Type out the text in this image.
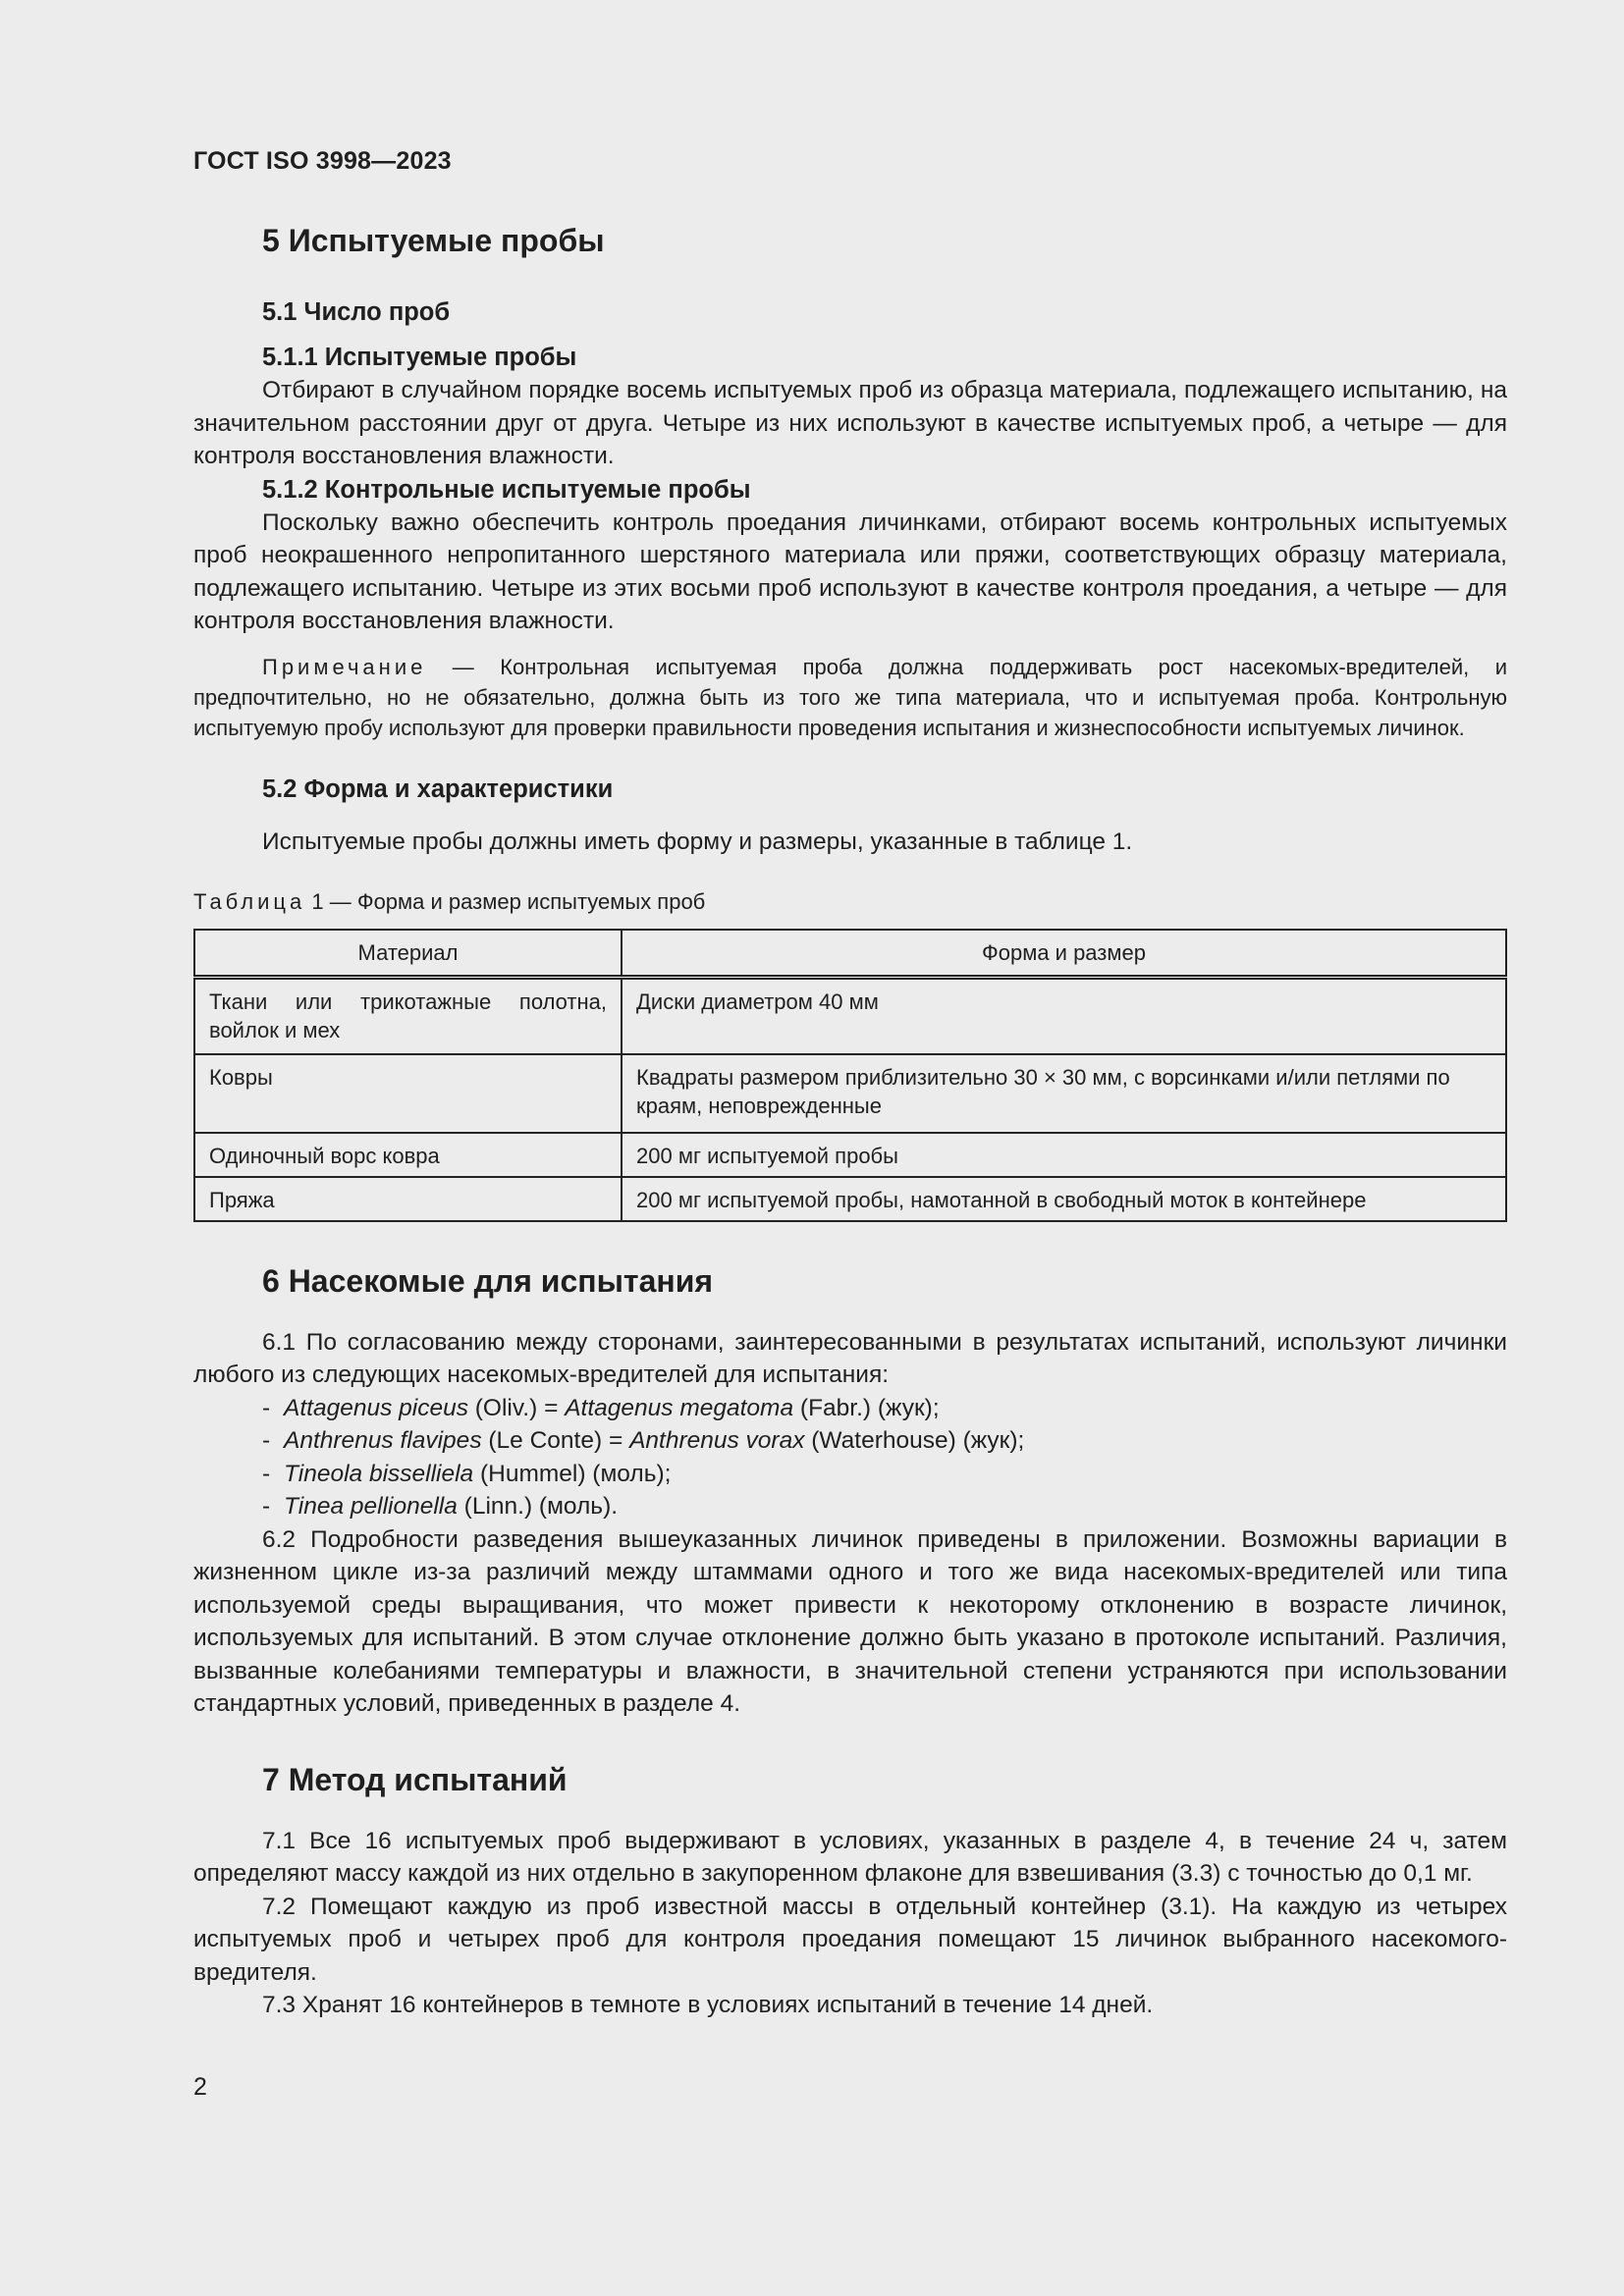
ГОСТ ISO 3998—2023
5 Испытуемые пробы
5.1 Число проб
5.1.1 Испытуемые пробы

Отбирают в случайном порядке восемь испытуемых проб из образца материала, подлежащего испытанию, на значительном расстоянии друг от друга. Четыре из них используют в качестве испытуемых проб, а четыре — для контроля восстановления влажности.

5.1.2 Контрольные испытуемые пробы

Поскольку важно обеспечить контроль проедания личинками, отбирают восемь контрольных испытуемых проб неокрашенного непропитанного шерстяного материала или пряжи, соответствующих образцу материала, подлежащего испытанию. Четыре из этих восьми проб используют в качестве контроля проедания, а четыре — для контроля восстановления влажности.

Примечание — Контрольная испытуемая проба должна поддерживать рост насекомых-вредителей, и предпочтительно, но не обязательно, должна быть из того же типа материала, что и испытуемая проба. Контрольную испытуемую пробу используют для проверки правильности проведения испытания и жизнеспособности испытуемых личинок.
5.2 Форма и характеристики

Испытуемые пробы должны иметь форму и размеры, указанные в таблице 1.

Таблица 1 — Форма и размер испытуемых проб
Материал	Форма и размер
Ткани или трикотажные полотна, войлок и мех	Диски диаметром 40 мм
Ковры	Квадраты размером приблизительно 30 × 30 мм, с ворсинками и/или петлями по краям, неповрежденные
Одиночный ворс ковра	200 мг испытуемой пробы
Пряжа	200 мг испытуемой пробы, намотанной в свободный моток в контейнере
6 Насекомые для испытания

6.1 По согласованию между сторонами, заинтересованными в результатах испытаний, используют личинки любого из следующих насекомых-вредителей для испытания:

- Attagenus piceus (Oliv.) = Attagenus megatoma (Fabr.) (жук);
- Anthrenus flavipes (Le Conte) = Anthrenus vorax (Waterhouse) (жук);
- Tineola bisselliela (Hummel) (моль);
- Tinea pellionella (Linn.) (моль).

6.2 Подробности разведения вышеуказанных личинок приведены в приложении. Возможны вариации в жизненном цикле из-за различий между штаммами одного и того же вида насекомых-вредителей или типа используемой среды выращивания, что может привести к некоторому отклонению в возрасте личинок, используемых для испытаний. В этом случае отклонение должно быть указано в протоколе испытаний. Различия, вызванные колебаниями температуры и влажности, в значительной степени устраняются при использовании стандартных условий, приведенных в разделе 4.

7 Метод испытаний

7.1 Все 16 испытуемых проб выдерживают в условиях, указанных в разделе 4, в течение 24 ч, затем определяют массу каждой из них отдельно в закупоренном флаконе для взвешивания (3.3) с точностью до 0,1 мг.

7.2 Помещают каждую из проб известной массы в отдельный контейнер (3.1). На каждую из четырех испытуемых проб и четырех проб для контроля проедания помещают 15 личинок выбранного насекомого-вредителя.

7.3 Хранят 16 контейнеров в темноте в условиях испытаний в течение 14 дней.

2
